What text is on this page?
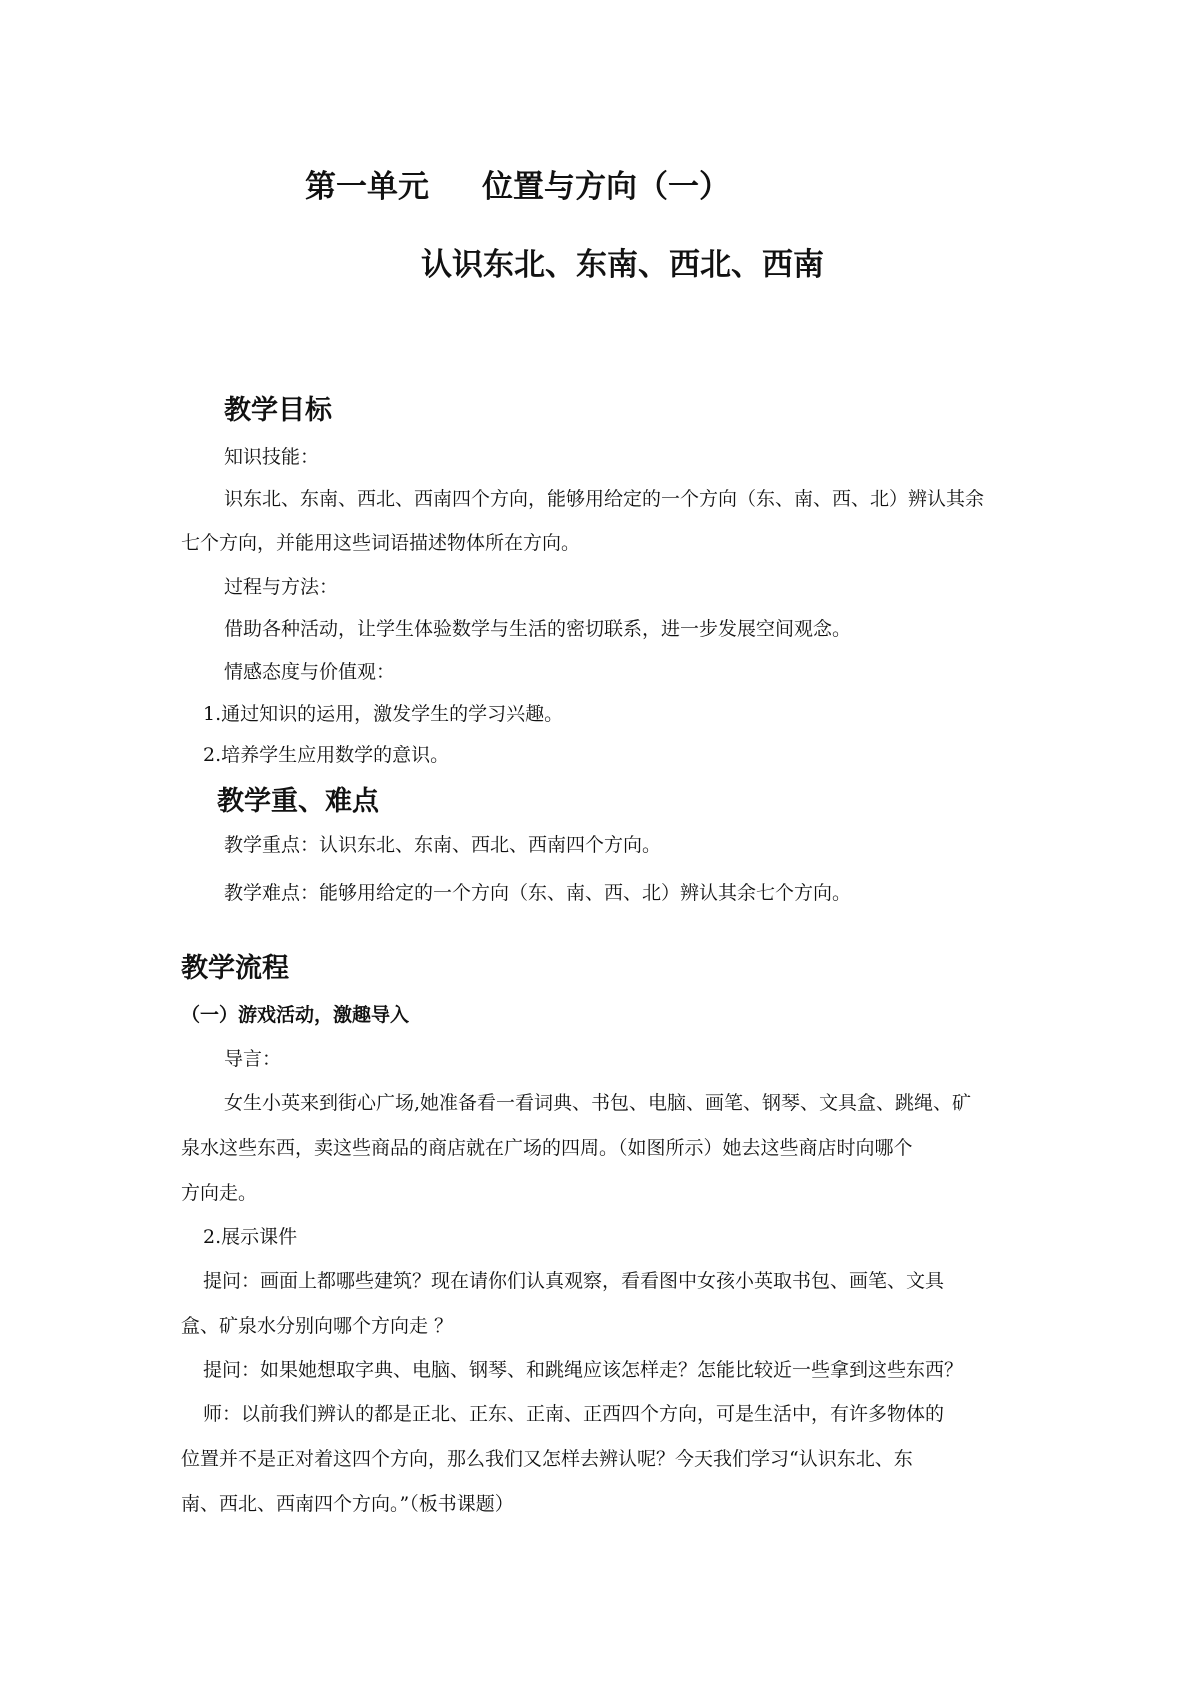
第一单元 位置与方向（一）
认识东北、东南、西北、西南
教学目标
知识技能：
识东北、东南、西北、西南四个方向，能够用给定的一个方向（东、南、西、北）辨认其余
七个方向，并能用这些词语描述物体所在方向。
过程与方法：
借助各种活动，让学生体验数学与生活的密切联系，进一步发展空间观念。
情感态度与价值观：
1.通过知识的运用，激发学生的学习兴趣。
2.培养学生应用数学的意识。
教学重、难点
教学重点：认识东北、东南、西北、西南四个方向。
教学难点：能够用给定的一个方向（东、南、西、北）辨认其余七个方向。
教学流程
（一）游戏活动，激趣导入
导言：
女生小英来到街心广场,她准备看一看词典、书包、电脑、画笔、钢琴、文具盒、跳绳、矿
泉水这些东西，卖这些商品的商店就在广场的四周。（如图所示）她去这些商店时向哪个
方向走。
2.展示课件
提问：画面上都哪些建筑？现在请你们认真观察，看看图中女孩小英取书包、画笔、文具
盒、矿泉水分别向哪个方向走 ？
提问：如果她想取字典、电脑、钢琴、和跳绳应该怎样走？怎能比较近一些拿到这些东西？
师：以前我们辨认的都是正北、正东、正南、正西四个方向，可是生活中，有许多物体的
位置并不是正对着这四个方向，那么我们又怎样去辨认呢？今天我们学习“认识东北、东
南、西北、西南四个方向。”（板书课题）
